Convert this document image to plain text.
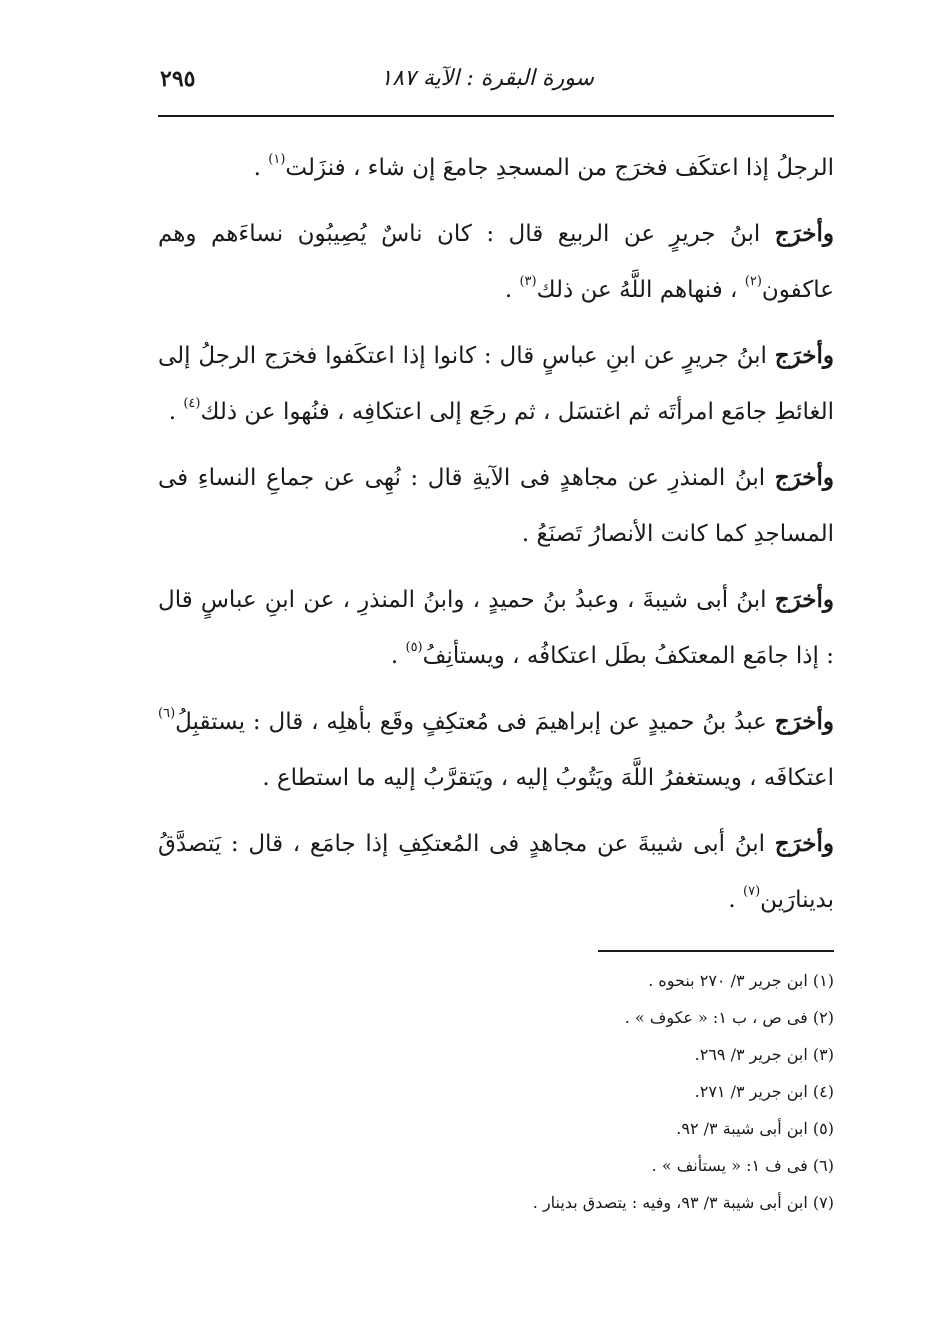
سورة البقرة : الآية ١٨٧
٢٩٥

الرجلُ إذا اعتكَف فخرَج من المسجدِ جامعَ إن شاء ، فنزَلت$^{(١)}$ .

وأخرَج ابنُ جريرٍ عن الربيع قال : كان ناسٌ يُصِيبُون نساءَهم وهم عاكفون$^{(٢)}$ ، فنهاهم اللَّهُ عن ذلك$^{(٣)}$ .

وأخرَج ابنُ جريرٍ عن ابنِ عباسٍ قال : كانوا إذا اعتكَفوا فخرَج الرجلُ إلى الغائطِ جامَع امرأتَه ثم اغتسَل ، ثم رجَع إلى اعتكافِه ، فنُهوا عن ذلك$^{(٤)}$ .

وأخرَج ابنُ المنذرِ عن مجاهدٍ فى الآيةِ قال : نُهِى عن جماعِ النساءِ فى المساجدِ كما كانت الأنصارُ تَصنَعُ .

وأخرَج ابنُ أبى شيبةَ ، وعبدُ بنُ حميدٍ ، وابنُ المنذرِ ، عن ابنِ عباسٍ قال : إذا جامَع المعتكفُ بطَل اعتكافُه ، ويستأنِفُ$^{(٥)}$ .

وأخرَج عبدُ بنُ حميدٍ عن إبراهيمَ فى مُعتكِفٍ وقَع بأهلِه ، قال : يستقبِلُ$^{(٦)}$ اعتكافَه ، ويستغفرُ اللَّهَ ويَتُوبُ إليه ، ويَتقرَّبُ إليه ما استطاع .

وأخرَج ابنُ أبى شيبةَ عن مجاهدٍ فى المُعتكِفِ إذا جامَع ، قال : يَتصدَّقُ بدينارَين$^{(٧)}$ .

(١) ابن جرير ٣/ ٢٧٠ بنحوه .
(٢) فى ص ، ب ١: « عكوف » .
(٣) ابن جرير ٣/ ٢٦٩.
(٤) ابن جرير ٣/ ٢٧١.
(٥) ابن أبى شيبة ٣/ ٩٢.
(٦) فى ف ١: « يستأنف » .
(٧) ابن أبى شيبة ٣/ ٩٣، وفيه : يتصدق بدينار .
